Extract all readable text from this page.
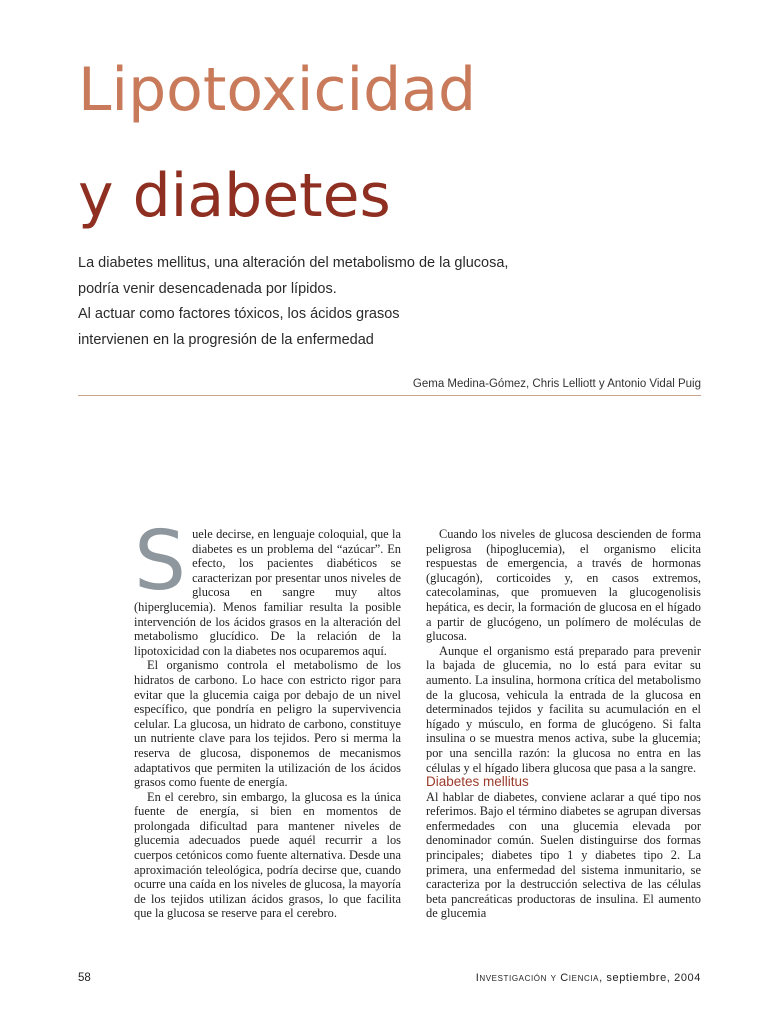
Lipotoxicidad
y diabetes
La diabetes mellitus, una alteración del metabolismo de la glucosa,
podría venir desencadenada por lípidos.
Al actuar como factores tóxicos, los ácidos grasos
intervienen en la progresión de la enfermedad
Gema Medina-Gómez, Chris Lelliott y Antonio Vidal Puig

Suele decirse, en lenguaje coloquial, que la diabetes es un problema del “azúcar”. En efecto, los pacientes diabéticos se caracterizan por presentar unos niveles de glucosa en sangre muy altos (hiperglucemia). Menos familiar resulta la posible intervención de los ácidos grasos en la alteración del metabolismo glucídico. De la relación de la lipotoxicidad con la diabetes nos ocuparemos aquí.

El organismo controla el metabolismo de los hidratos de carbono. Lo hace con estricto rigor para evitar que la glucemia caiga por debajo de un nivel específico, que pondría en peligro la supervivencia celular. La glucosa, un hidrato de carbono, constituye un nutriente clave para los tejidos. Pero si merma la reserva de glucosa, disponemos de mecanismos adaptativos que permiten la utilización de los ácidos grasos como fuente de energía.

En el cerebro, sin embargo, la glucosa es la única fuente de energía, si bien en momentos de prolongada dificultad para mantener niveles de glucemia adecuados puede aquél recurrir a los cuerpos cetónicos como fuente alternativa. Desde una aproximación teleológica, podría decirse que, cuando ocurre una caída en los niveles de glucosa, la mayoría de los tejidos utilizan ácidos grasos, lo que facilita que la glucosa se reserve para el cerebro.

Cuando los niveles de glucosa descienden de forma peligrosa (hipoglucemia), el organismo elicita respuestas de emergencia, a través de hormonas (glucagón), corticoides y, en casos extremos, catecolaminas, que promueven la glucogenolisis hepática, es decir, la formación de glucosa en el hígado a partir de glucógeno, un polímero de moléculas de glucosa.

Aunque el organismo está preparado para prevenir la bajada de glucemia, no lo está para evitar su aumento. La insulina, hormona crítica del metabolismo de la glucosa, vehicula la entrada de la glucosa en determinados tejidos y facilita su acumulación en el hígado y músculo, en forma de glucógeno. Si falta insulina o se muestra menos activa, sube la glucemia; por una sencilla razón: la glucosa no entra en las células y el hígado libera glucosa que pasa a la sangre.

Diabetes mellitus

Al hablar de diabetes, conviene aclarar a qué tipo nos referimos. Bajo el término diabetes se agrupan diversas enfermedades con una glucemia elevada por denominador común. Suelen distinguirse dos formas principales; diabetes tipo 1 y diabetes tipo 2. La primera, una enfermedad del sistema inmunitario, se caracteriza por la destrucción selectiva de las células beta pancreáticas productoras de insulina. El aumento de glucemia

58	Investigación y Ciencia, septiembre, 2004
